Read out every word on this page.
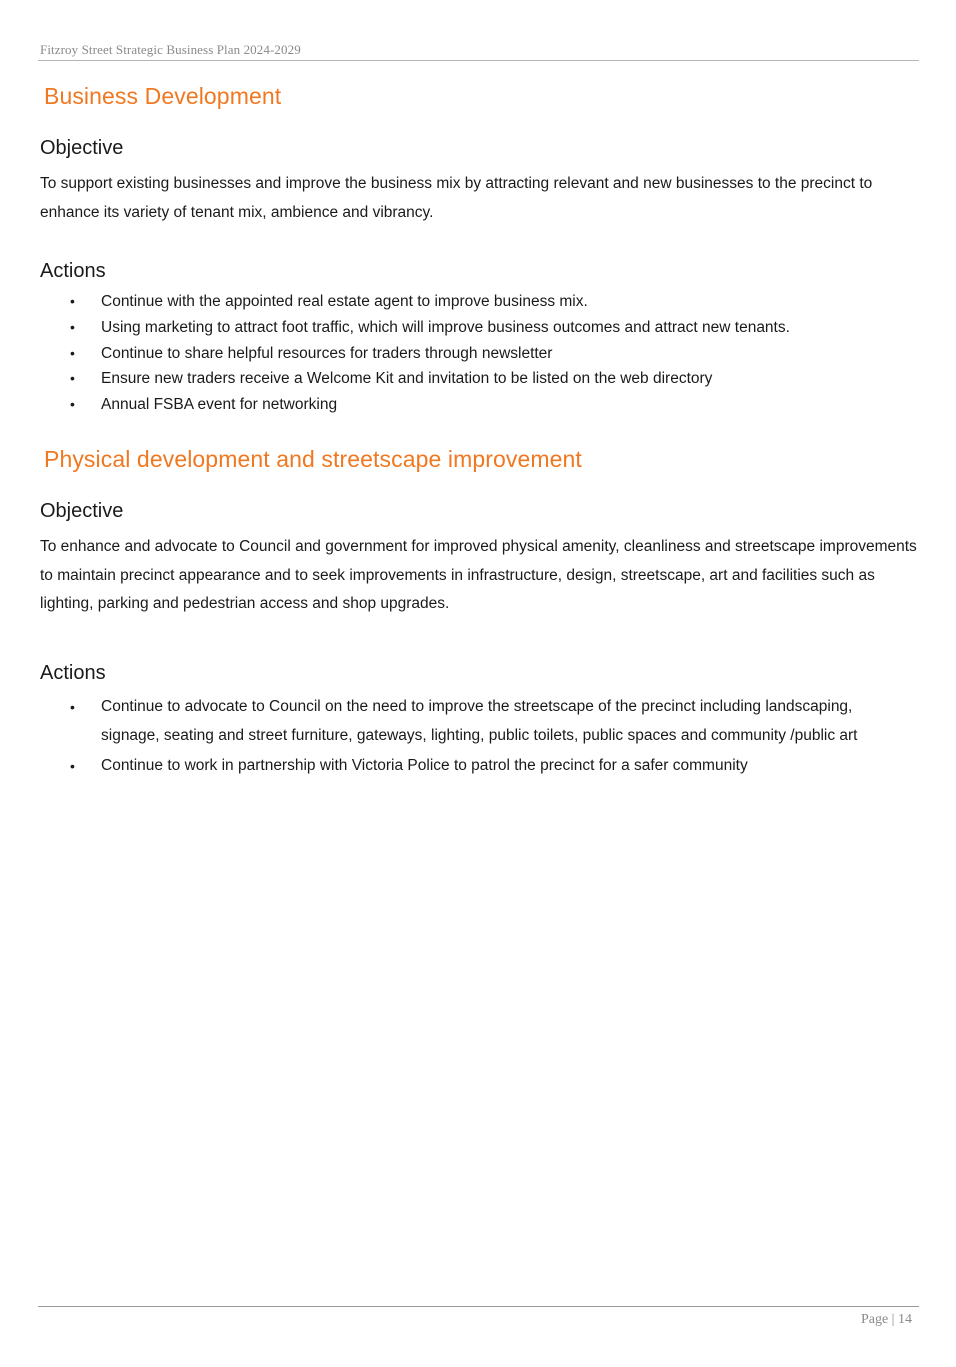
Fitzroy Street Strategic Business Plan 2024-2029
Business Development
Objective

To support existing businesses and improve the business mix by attracting relevant and new businesses to the precinct to enhance its variety of tenant mix, ambience and vibrancy.

Actions
• Continue with the appointed real estate agent to improve business mix.
• Using marketing to attract foot traffic, which will improve business outcomes and attract new tenants.
• Continue to share helpful resources for traders through newsletter
• Ensure new traders receive a Welcome Kit and invitation to be listed on the web directory
• Annual FSBA event for networking
Physical development and streetscape improvement
Objective

To enhance and advocate to Council and government for improved physical amenity, cleanliness and streetscape improvements to maintain precinct appearance and to seek improvements in infrastructure, design, streetscape, art and facilities such as lighting, parking and pedestrian access and shop upgrades.

Actions
• Continue to advocate to Council on the need to improve the streetscape of the precinct including landscaping, signage, seating and street furniture, gateways, lighting, public toilets, public spaces and community /public art
• Continue to work in partnership with Victoria Police to patrol the precinct for a safer community
Page | 14
